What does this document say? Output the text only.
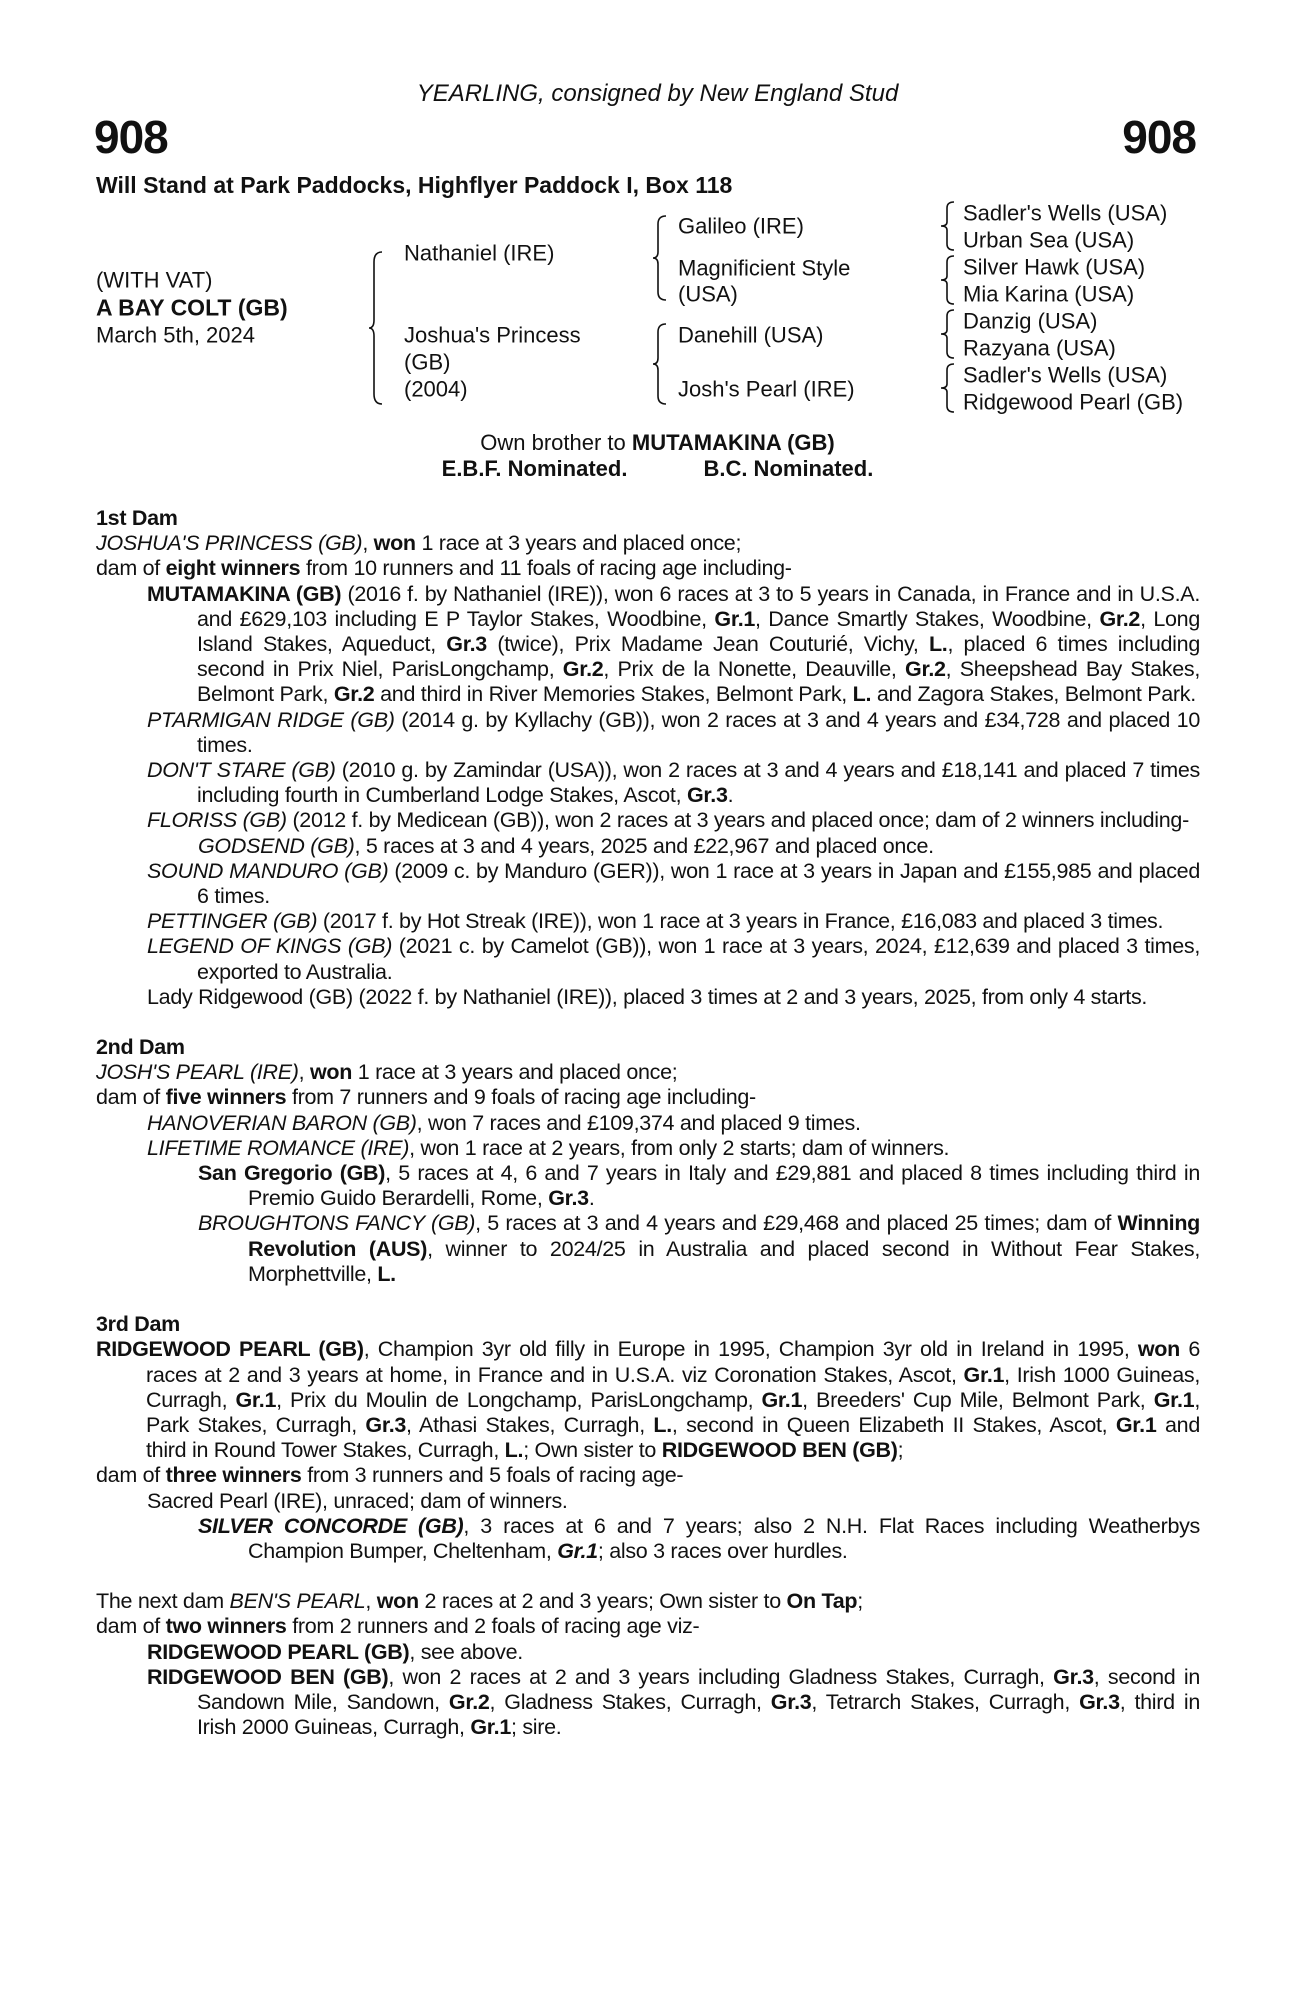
YEARLING, consigned by New England Stud
908	908
Will Stand at Park Paddocks, Highflyer Paddock I, Box 118
(WITH VAT)
A BAY COLT (GB)
March 5th, 2024
Nathaniel (IRE)
Joshua's Princess
(GB)
(2004)
Galileo (IRE)
Magnificient Style
(USA)
Danehill (USA)
Josh's Pearl (IRE)
Sadler's Wells (USA)
Urban Sea (USA)
Silver Hawk (USA)
Mia Karina (USA)
Danzig (USA)
Razyana (USA)
Sadler's Wells (USA)
Ridgewood Pearl (GB)
Own brother to MUTAMAKINA (GB)
E.B.F. Nominated.	B.C. Nominated.
1st Dam
JOSHUA'S PRINCESS (GB), won 1 race at 3 years and placed once;
dam of eight winners from 10 runners and 11 foals of racing age including-
MUTAMAKINA (GB) (2016 f. by Nathaniel (IRE)), won 6 races at 3 to 5 years in Canada, in France and in U.S.A. and £629,103 including E P Taylor Stakes, Woodbine, Gr.1, Dance Smartly Stakes, Woodbine, Gr.2, Long Island Stakes, Aqueduct, Gr.3 (twice), Prix Madame Jean Couturié, Vichy, L., placed 6 times including second in Prix Niel, ParisLongchamp, Gr.2, Prix de la Nonette, Deauville, Gr.2, Sheepshead Bay Stakes, Belmont Park, Gr.2 and third in River Memories Stakes, Belmont Park, L. and Zagora Stakes, Belmont Park.
PTARMIGAN RIDGE (GB) (2014 g. by Kyllachy (GB)), won 2 races at 3 and 4 years and £34,728 and placed 10 times.
DON'T STARE (GB) (2010 g. by Zamindar (USA)), won 2 races at 3 and 4 years and £18,141 and placed 7 times including fourth in Cumberland Lodge Stakes, Ascot, Gr.3.
FLORISS (GB) (2012 f. by Medicean (GB)), won 2 races at 3 years and placed once; dam of 2 winners including-
GODSEND (GB), 5 races at 3 and 4 years, 2025 and £22,967 and placed once.
SOUND MANDURO (GB) (2009 c. by Manduro (GER)), won 1 race at 3 years in Japan and £155,985 and placed 6 times.
PETTINGER (GB) (2017 f. by Hot Streak (IRE)), won 1 race at 3 years in France, £16,083 and placed 3 times.
LEGEND OF KINGS (GB) (2021 c. by Camelot (GB)), won 1 race at 3 years, 2024, £12,639 and placed 3 times, exported to Australia.
Lady Ridgewood (GB) (2022 f. by Nathaniel (IRE)), placed 3 times at 2 and 3 years, 2025, from only 4 starts.
2nd Dam
JOSH'S PEARL (IRE), won 1 race at 3 years and placed once;
dam of five winners from 7 runners and 9 foals of racing age including-
HANOVERIAN BARON (GB), won 7 races and £109,374 and placed 9 times.
LIFETIME ROMANCE (IRE), won 1 race at 2 years, from only 2 starts; dam of winners.
San Gregorio (GB), 5 races at 4, 6 and 7 years in Italy and £29,881 and placed 8 times including third in Premio Guido Berardelli, Rome, Gr.3.
BROUGHTONS FANCY (GB), 5 races at 3 and 4 years and £29,468 and placed 25 times; dam of Winning Revolution (AUS), winner to 2024/25 in Australia and placed second in Without Fear Stakes, Morphettville, L.
3rd Dam
RIDGEWOOD PEARL (GB), Champion 3yr old filly in Europe in 1995, Champion 3yr old in Ireland in 1995, won 6 races at 2 and 3 years at home, in France and in U.S.A. viz Coronation Stakes, Ascot, Gr.1, Irish 1000 Guineas, Curragh, Gr.1, Prix du Moulin de Longchamp, ParisLongchamp, Gr.1, Breeders' Cup Mile, Belmont Park, Gr.1, Park Stakes, Curragh, Gr.3, Athasi Stakes, Curragh, L., second in Queen Elizabeth II Stakes, Ascot, Gr.1 and third in Round Tower Stakes, Curragh, L.; Own sister to RIDGEWOOD BEN (GB);
dam of three winners from 3 runners and 5 foals of racing age-
Sacred Pearl (IRE), unraced; dam of winners.
SILVER CONCORDE (GB), 3 races at 6 and 7 years; also 2 N.H. Flat Races including Weatherbys Champion Bumper, Cheltenham, Gr.1; also 3 races over hurdles.
The next dam BEN'S PEARL, won 2 races at 2 and 3 years; Own sister to On Tap;
dam of two winners from 2 runners and 2 foals of racing age viz-
RIDGEWOOD PEARL (GB), see above.
RIDGEWOOD BEN (GB), won 2 races at 2 and 3 years including Gladness Stakes, Curragh, Gr.3, second in Sandown Mile, Sandown, Gr.2, Gladness Stakes, Curragh, Gr.3, Tetrarch Stakes, Curragh, Gr.3, third in Irish 2000 Guineas, Curragh, Gr.1; sire.
